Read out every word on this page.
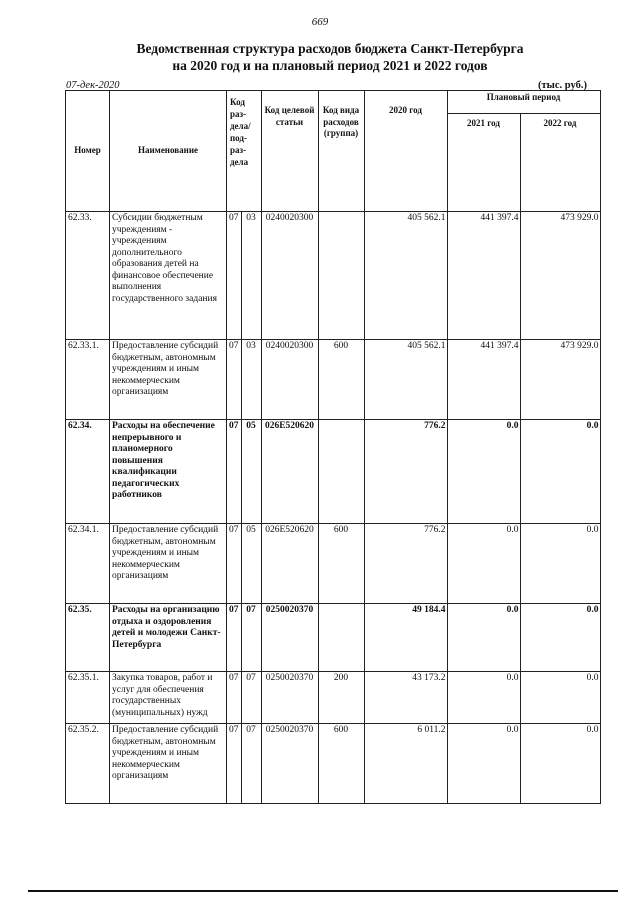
669
Ведомственная структура расходов бюджета Санкт-Петербурга
на 2020 год и на плановый период 2021 и 2022 годов
07-дек-2020	(тыс. руб.)
Номер	Наименование	Код раз- дела/ под- раз- дела		Код целевой статьи	Код вида расходов (группа)	2020 год	Плановый период	
							2021 год	2022 год
62.33.	Субсидии бюджетным учреждениям - учреждениям дополнительного образования детей на финансовое обеспечение выполнения государственного задания	07	03	0240020300		405 562.1	441 397.4	473 929.0
62.33.1.	Предоставление субсидий бюджетным, автономным учреждениям и иным некоммерческим организациям	07	03	0240020300	600	405 562.1	441 397.4	473 929.0
62.34.	Расходы на обеспечение непрерывного и планомерного повышения квалификации педагогических работников	07	05	026E520620		776.2	0.0	0.0
62.34.1.	Предоставление субсидий бюджетным, автономным учреждениям и иным некоммерческим организациям	07	05	026E520620	600	776.2	0.0	0.0
62.35.	Расходы на организацию отдыха и оздоровления детей и молодежи Санкт-Петербурга	07	07	0250020370		49 184.4	0.0	0.0
62.35.1.	Закупка товаров, работ и услуг для обеспечения государственных (муниципальных) нужд	07	07	0250020370	200	43 173.2	0.0	0.0
62.35.2.	Предоставление субсидий бюджетным, автономным учреждениям и иным некоммерческим организациям	07	07	0250020370	600	6 011.2	0.0	0.0
